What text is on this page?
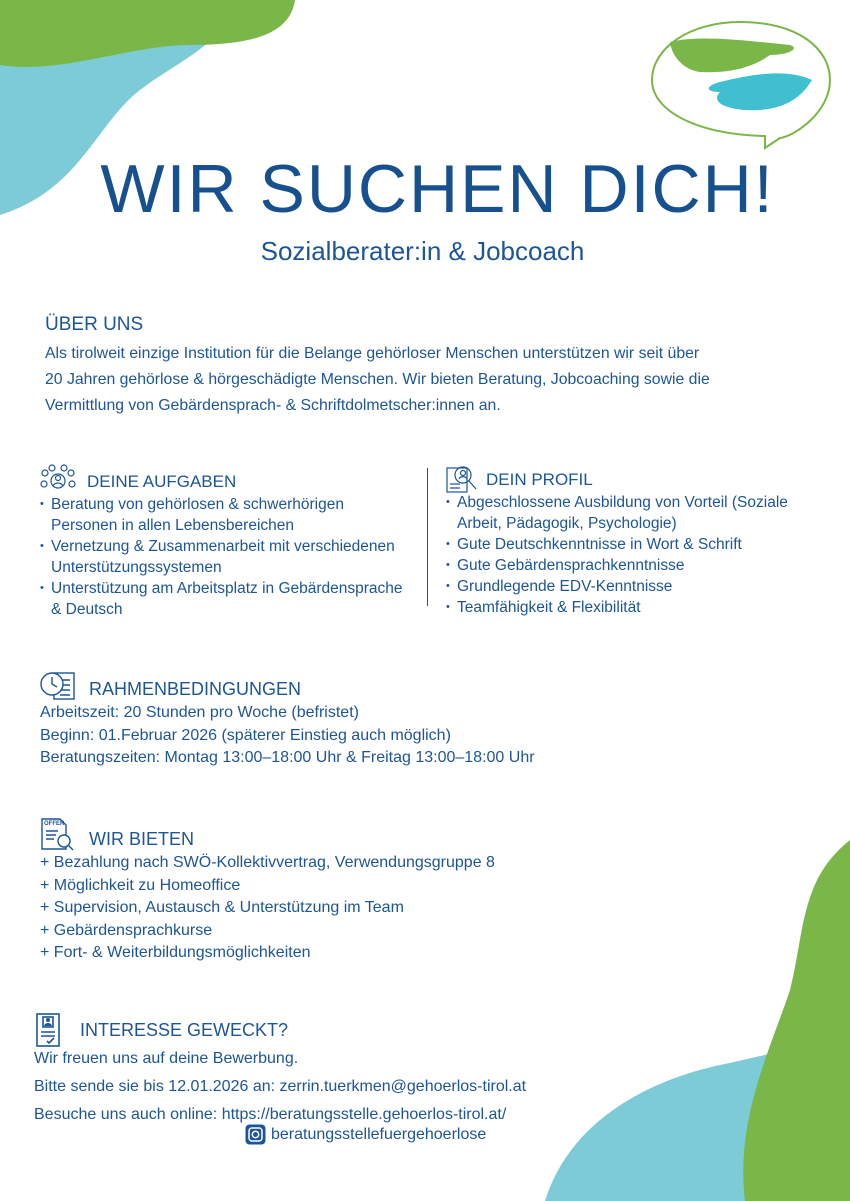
WIR SUCHEN DICH!
Sozialberater:in & Jobcoach
ÜBER UNS
Als tirolweit einzige Institution für die Belange gehörloser Menschen unterstützen wir seit über
20 Jahren gehörlose & hörgeschädigte Menschen. Wir bieten Beratung, Jobcoaching sowie die
Vermittlung von Gebärdensprach- & Schriftdolmetscher:innen an.
DEINE AUFGABEN
• Beratung von gehörlosen & schwerhörigen Personen in allen Lebensbereichen
• Vernetzung & Zusammenarbeit mit verschiedenen Unterstützungssystemen
• Unterstützung am Arbeitsplatz in Gebärdensprache & Deutsch
DEIN PROFIL
• Abgeschlossene Ausbildung von Vorteil (Soziale Arbeit, Pädagogik, Psychologie)
• Gute Deutschkenntnisse in Wort & Schrift
• Gute Gebärdensprachkenntnisse
• Grundlegende EDV-Kenntnisse
• Teamfähigkeit & Flexibilität
RAHMENBEDINGUNGEN
Arbeitszeit: 20 Stunden pro Woche (befristet)
Beginn: 01.Februar 2026 (späterer Einstieg auch möglich)
Beratungszeiten: Montag 13:00–18:00 Uhr & Freitag 13:00–18:00 Uhr
OFFER
WIR BIETEN
+ Bezahlung nach SWÖ-Kollektivvertrag, Verwendungsgruppe 8
+ Möglichkeit zu Homeoffice
+ Supervision, Austausch & Unterstützung im Team
+ Gebärdensprachkurse
+ Fort- & Weiterbildungsmöglichkeiten
INTERESSE GEWECKT?
Wir freuen uns auf deine Bewerbung.
Bitte sende sie bis 12.01.2026 an: zerrin.tuerkmen@gehoerlos-tirol.at
Besuche uns auch online: https://beratungsstelle.gehoerlos-tirol.at/
beratungsstellefuergehoerlose
